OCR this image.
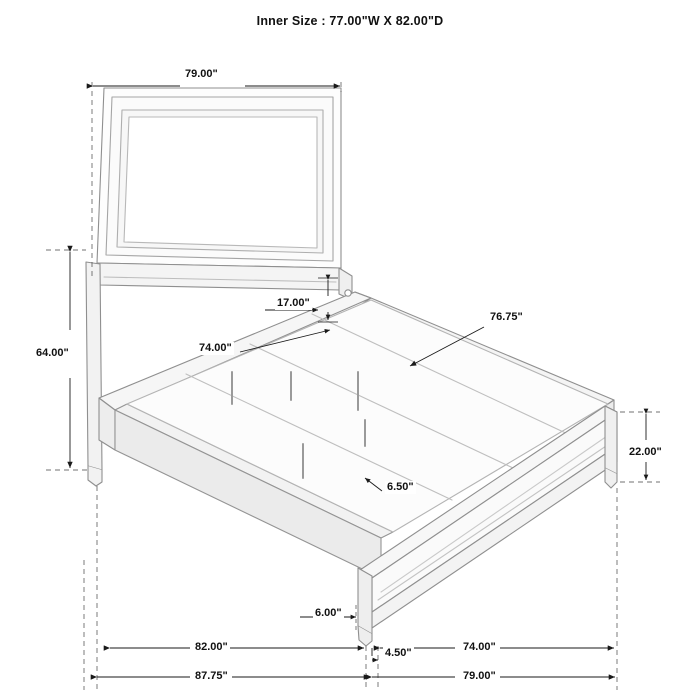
Inner Size : 77.00"W X 82.00"D
79.00"
64.00"
17.00"
74.00"
76.75"
6.50"
22.00"
6.00"
4.50"
82.00"	74.00"
87.75"	79.00"
